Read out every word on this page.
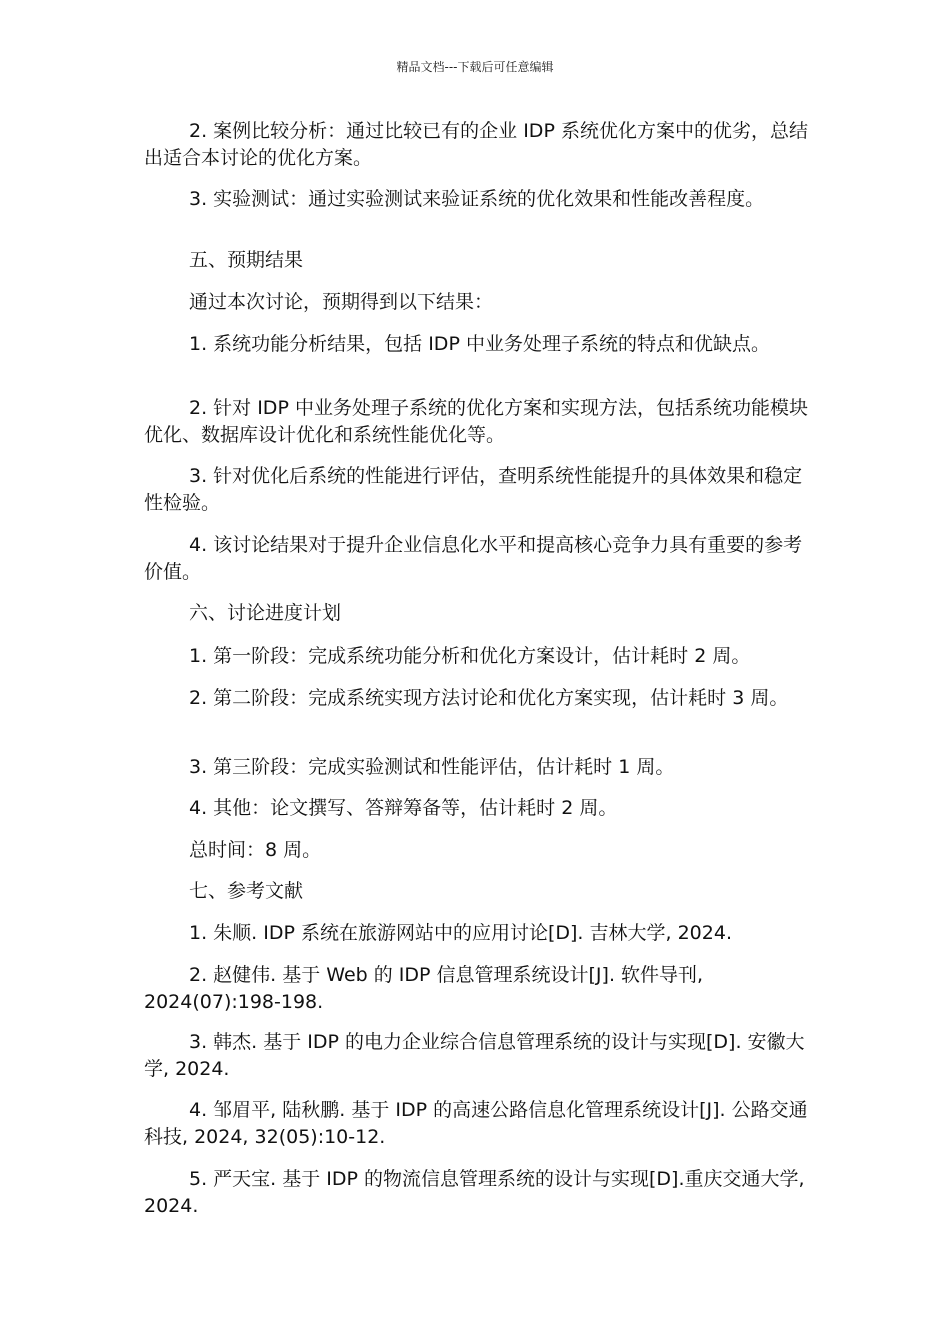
精品文档---下载后可任意编辑
2. 案例比较分析：通过比较已有的企业 IDP 系统优化方案中的优劣，总结出适合本讨论的优化方案。
3. 实验测试：通过实验测试来验证系统的优化效果和性能改善程度。
五、预期结果
通过本次讨论，预期得到以下结果：
1. 系统功能分析结果，包括 IDP 中业务处理子系统的特点和优缺点。
2. 针对 IDP 中业务处理子系统的优化方案和实现方法，包括系统功能模块优化、数据库设计优化和系统性能优化等。
3. 针对优化后系统的性能进行评估，查明系统性能提升的具体效果和稳定性检验。
4. 该讨论结果对于提升企业信息化水平和提高核心竞争力具有重要的参考价值。
六、讨论进度计划
1. 第一阶段：完成系统功能分析和优化方案设计，估计耗时 2 周。
2. 第二阶段：完成系统实现方法讨论和优化方案实现，估计耗时 3 周。
3. 第三阶段：完成实验测试和性能评估，估计耗时 1 周。
4. 其他：论文撰写、答辩筹备等，估计耗时 2 周。
总时间：8 周。
七、参考文献
1. 朱顺. IDP 系统在旅游网站中的应用讨论[D]. 吉林大学, 2024.
2. 赵健伟. 基于 Web 的 IDP 信息管理系统设计[J]. 软件导刊, 2024(07):198-198.
3. 韩杰. 基于 IDP 的电力企业综合信息管理系统的设计与实现[D]. 安徽大学, 2024.
4. 邹眉平, 陆秋鹏. 基于 IDP 的高速公路信息化管理系统设计[J]. 公路交通科技, 2024, 32(05):10-12.
5. 严天宝. 基于 IDP 的物流信息管理系统的设计与实现[D].重庆交通大学, 2024.
